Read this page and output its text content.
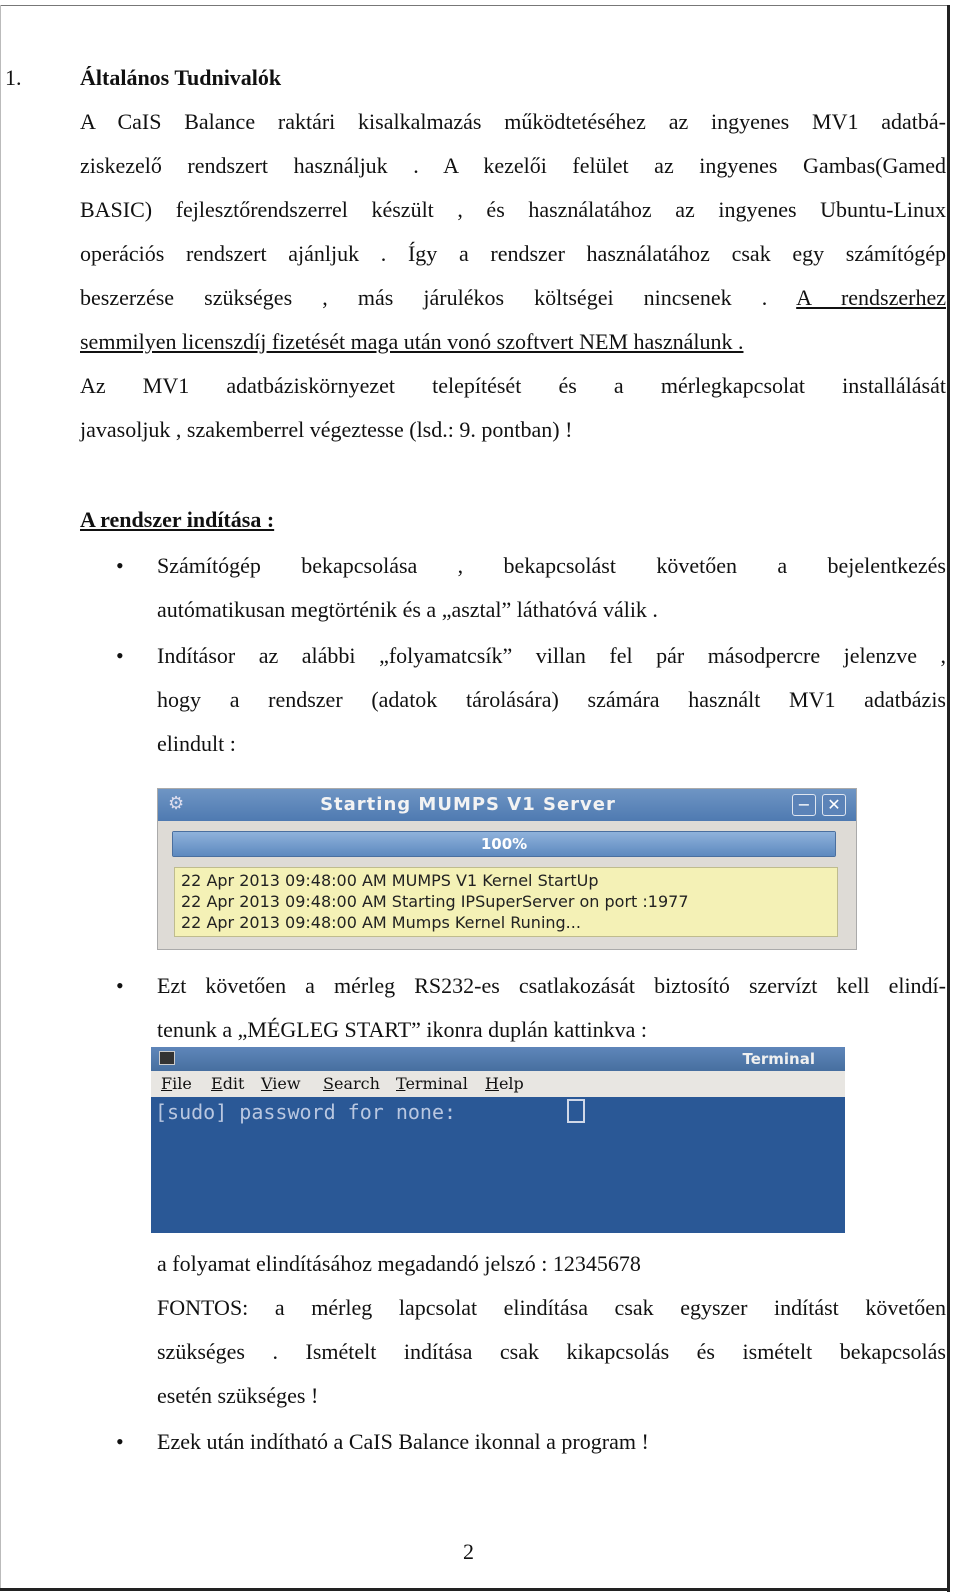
1.	Általános Tudnivalók
A CaIS Balance raktári kisalkalmazás működtetéséhez az ingyenes MV1 adatbá-
ziskezelő rendszert használjuk . A kezelői felület az ingyenes Gambas(Gamed
BASIC) fejlesztőrendszerrel készült , és használatához az ingyenes Ubuntu-Linux
operációs rendszert ajánljuk . Így a rendszer használatához csak egy számítógép
beszerzése szükséges , más járulékos költségei nincsenek . A rendszerhez
semmilyen licenszdíj fizetését maga után vonó szoftvert NEM használunk .
Az MV1 adatbáziskörnyezet telepítését és a mérlegkapcsolat installálását
javasoljuk , szakemberrel végeztesse (lsd.: 9. pontban) !
A rendszer indítása :
• Számítógép bekapcsolása , bekapcsolást követően a bejelentkezés
autómatikusan megtörténik és a „asztal” láthatóvá válik .
• Indításor az alábbi „folyamatcsík” villan fel pár másodpercre jelenzve ,
hogy a rendszer (adatok tárolására) számára használt MV1 adatbázis
elindult :
⚙	Starting MUMPS V1 Server	−	✕
100%
22 Apr 2013 09:48:00 AM MUMPS V1 Kernel StartUp
22 Apr 2013 09:48:00 AM Starting IPSuperServer on port :1977
22 Apr 2013 09:48:00 AM Mumps Kernel Runing...
• Ezt követően a mérleg RS232-es csatlakozását biztosító szervízt kell elindí-
tenunk a „MÉGLEG START” ikonra duplán kattinkva :
Terminal
File Edit View Search Terminal Help
[sudo] password for none:
a folyamat elindításához megadandó jelszó : 12345678
FONTOS: a mérleg lapcsolat elindítása csak egyszer indítást követően
szükséges . Ismételt indítása csak kikapcsolás és ismételt bekapcsolás
esetén szükséges !
• Ezek után indítható a CaIS Balance ikonnal a program !
2
